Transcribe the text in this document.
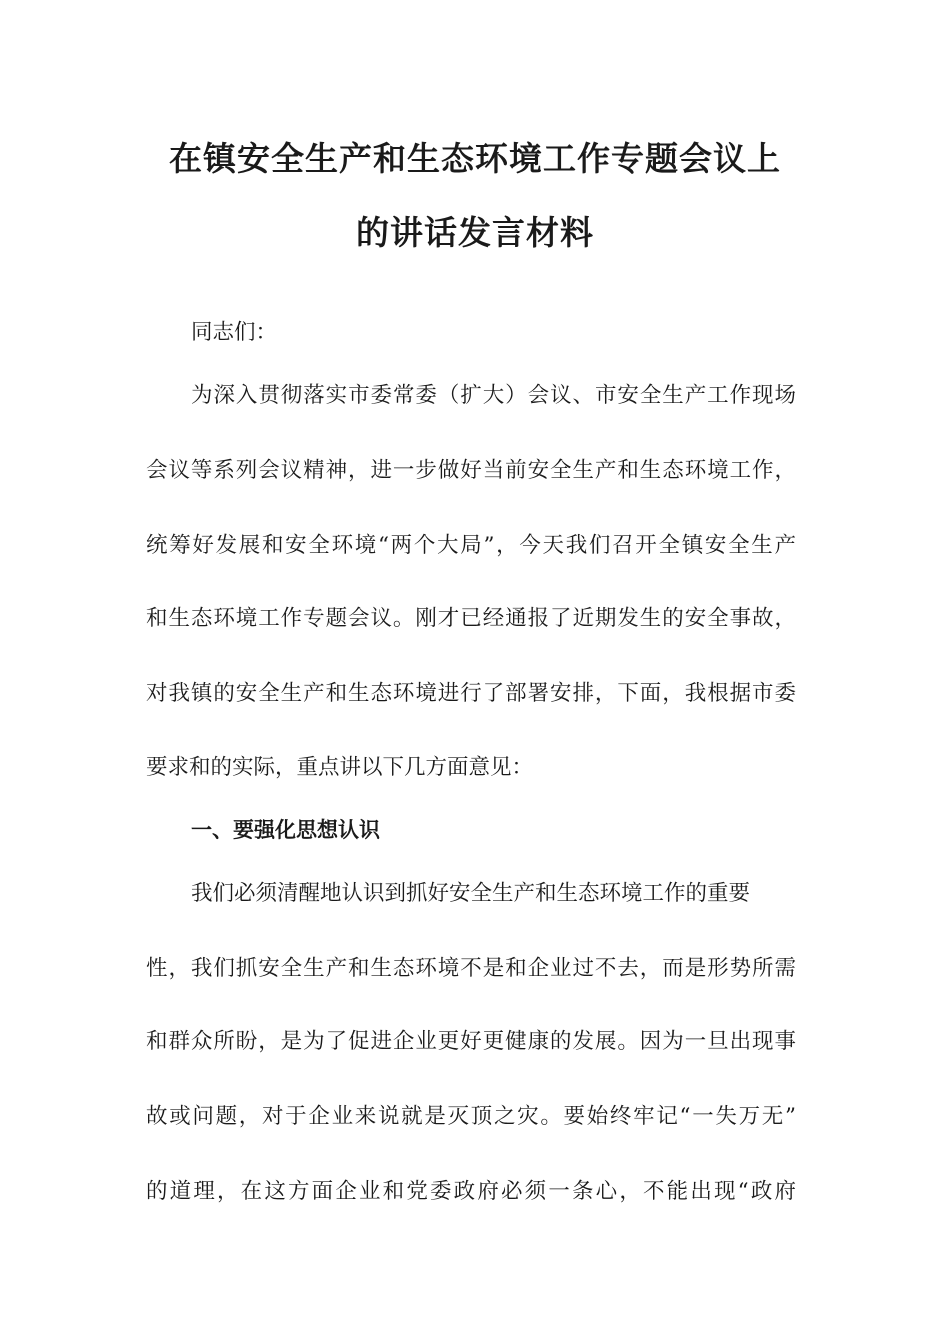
在镇安全生产和生态环境工作专题会议上
的讲话发言材料
同志们：
为深入贯彻落实市委常委（扩大）会议、市安全生产工作现场
会议等系列会议精神，进一步做好当前安全生产和生态环境工作，
统筹好发展和安全环境“两个大局”，今天我们召开全镇安全生产
和生态环境工作专题会议。刚才已经通报了近期发生的安全事故，
对我镇的安全生产和生态环境进行了部署安排，下面，我根据市委
要求和的实际，重点讲以下几方面意见：
一、要强化思想认识
我们必须清醒地认识到抓好安全生产和生态环境工作的重要
性，我们抓安全生产和生态环境不是和企业过不去，而是形势所需
和群众所盼，是为了促进企业更好更健康的发展。因为一旦出现事
故或问题，对于企业来说就是灭顶之灾。要始终牢记“一失万无”
的道理，在这方面企业和党委政府必须一条心，不能出现“政府
